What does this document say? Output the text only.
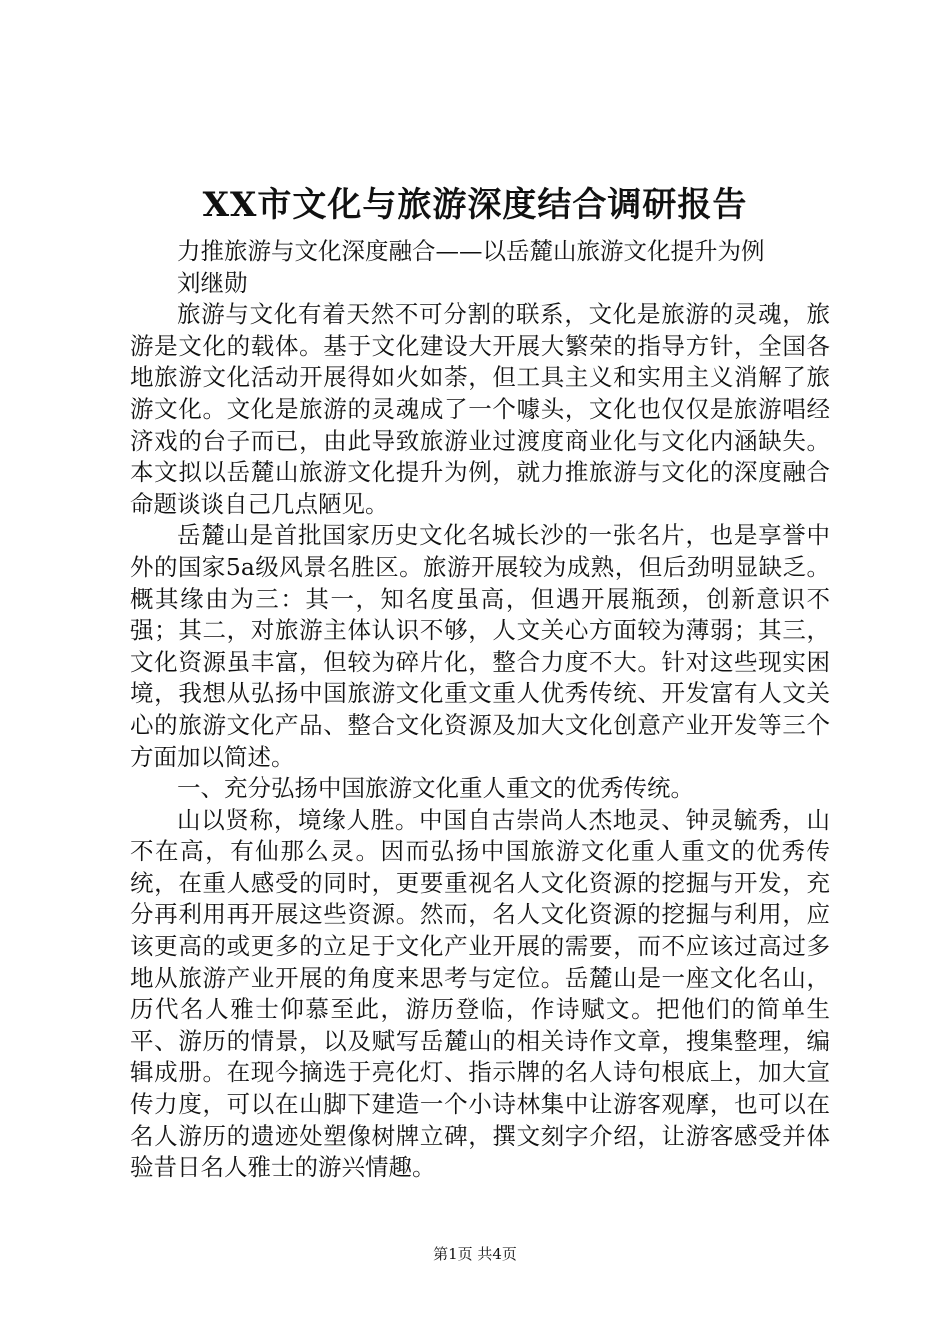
XX市文化与旅游深度结合调研报告

力推旅游与文化深度融合——以岳麓山旅游文化提升为例

刘继勋

旅游与文化有着天然不可分割的联系，文化是旅游的灵魂，旅游是文化的载体。基于文化建设大开展大繁荣的指导方针，全国各地旅游文化活动开展得如火如荼，但工具主义和实用主义消解了旅游文化。文化是旅游的灵魂成了一个噱头，文化也仅仅是旅游唱经济戏的台子而已，由此导致旅游业过渡度商业化与文化内涵缺失。本文拟以岳麓山旅游文化提升为例，就力推旅游与文化的深度融合命题谈谈自己几点陋见。

岳麓山是首批国家历史文化名城长沙的一张名片，也是享誉中外的国家5a级风景名胜区。旅游开展较为成熟，但后劲明显缺乏。概其缘由为三：其一，知名度虽高，但遇开展瓶颈，创新意识不强；其二，对旅游主体认识不够，人文关心方面较为薄弱；其三，文化资源虽丰富，但较为碎片化，整合力度不大。针对这些现实困境，我想从弘扬中国旅游文化重文重人优秀传统、开发富有人文关心的旅游文化产品、整合文化资源及加大文化创意产业开发等三个方面加以简述。

一、充分弘扬中国旅游文化重人重文的优秀传统。

山以贤称，境缘人胜。中国自古崇尚人杰地灵、钟灵毓秀，山不在高，有仙那么灵。因而弘扬中国旅游文化重人重文的优秀传统，在重人感受的同时，更要重视名人文化资源的挖掘与开发，充分再利用再开展这些资源。然而，名人文化资源的挖掘与利用，应该更高的或更多的立足于文化产业开展的需要，而不应该过高过多地从旅游产业开展的角度来思考与定位。岳麓山是一座文化名山，历代名人雅士仰慕至此，游历登临，作诗赋文。把他们的简单生平、游历的情景，以及赋写岳麓山的相关诗作文章，搜集整理，编辑成册。在现今摘选于亮化灯、指示牌的名人诗句根底上，加大宣传力度，可以在山脚下建造一个小诗林集中让游客观摩，也可以在名人游历的遗迹处塑像树牌立碑，撰文刻字介绍，让游客感受并体验昔日名人雅士的游兴情趣。

第1页 共4页
